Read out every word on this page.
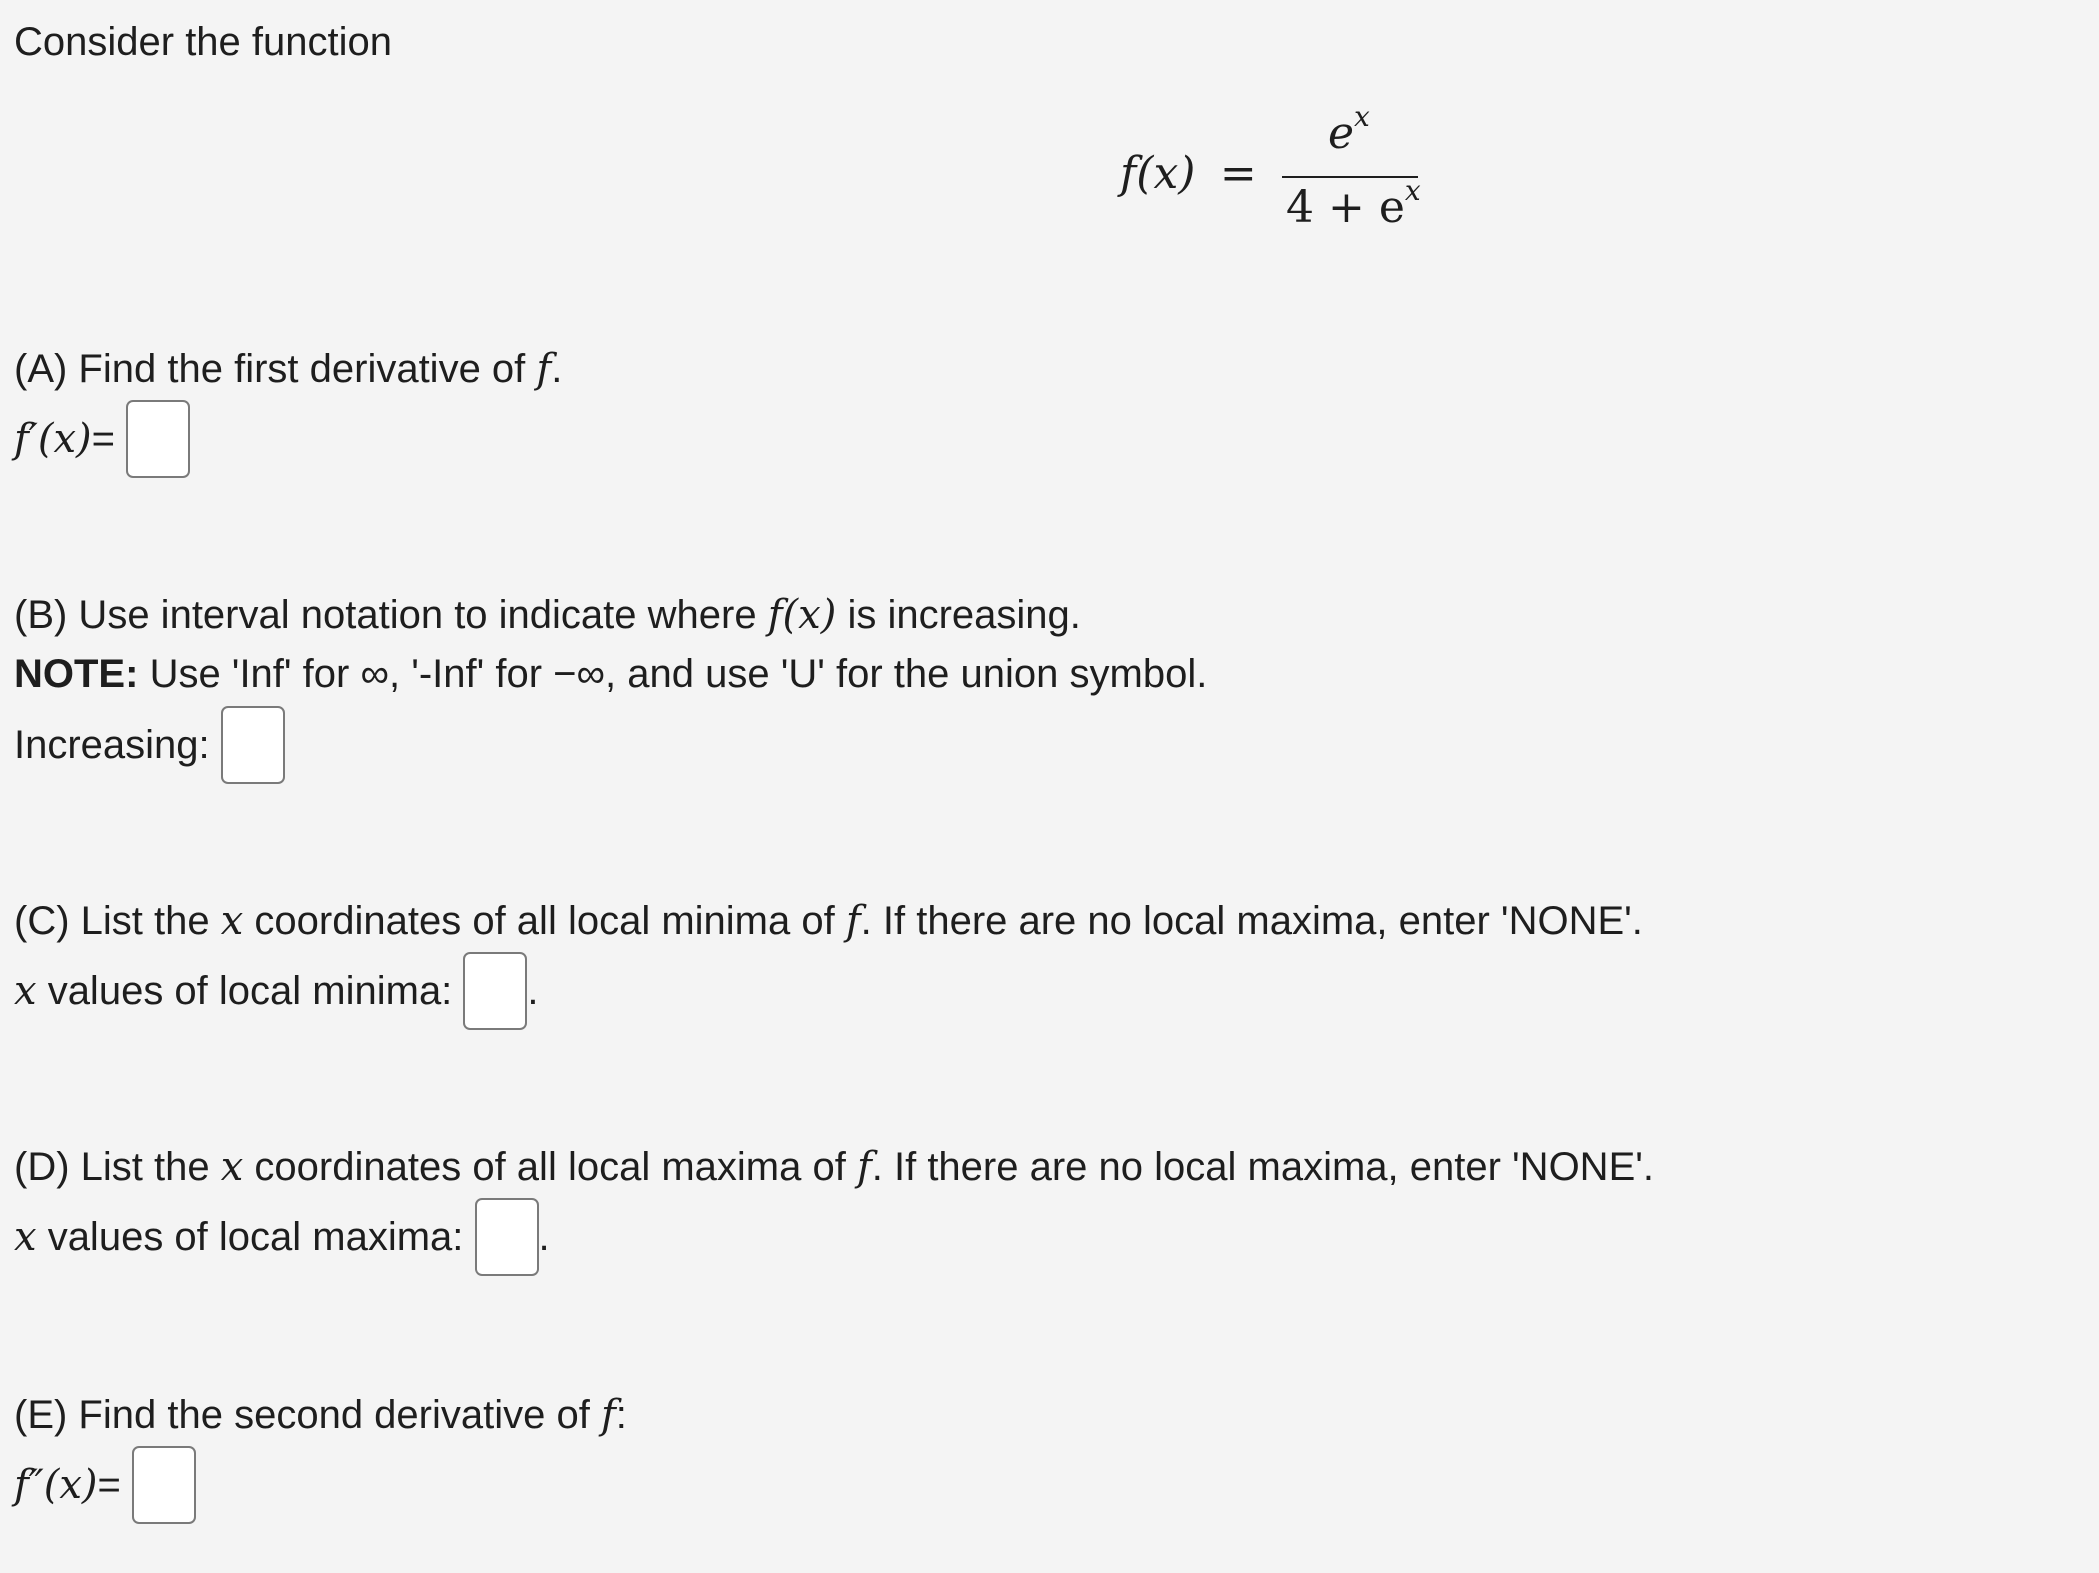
Consider the function
f(x) =
$e^x$
$4 + e^x$
(A) Find the first derivative of f.
f′(x) =

(B) Use interval notation to indicate where f(x) is increasing.
NOTE: Use 'Inf' for ∞, '-Inf' for −∞, and use 'U' for the union symbol.
Increasing:

(C) List the x coordinates of all local minima of f. If there are no local maxima, enter 'NONE'.
x
values of local minima:
.
(D) List the x coordinates of all local maxima of f. If there are no local maxima, enter 'NONE'.
x
values of local maxima:
.
(E) Find the second derivative of f:
f″(x) =
